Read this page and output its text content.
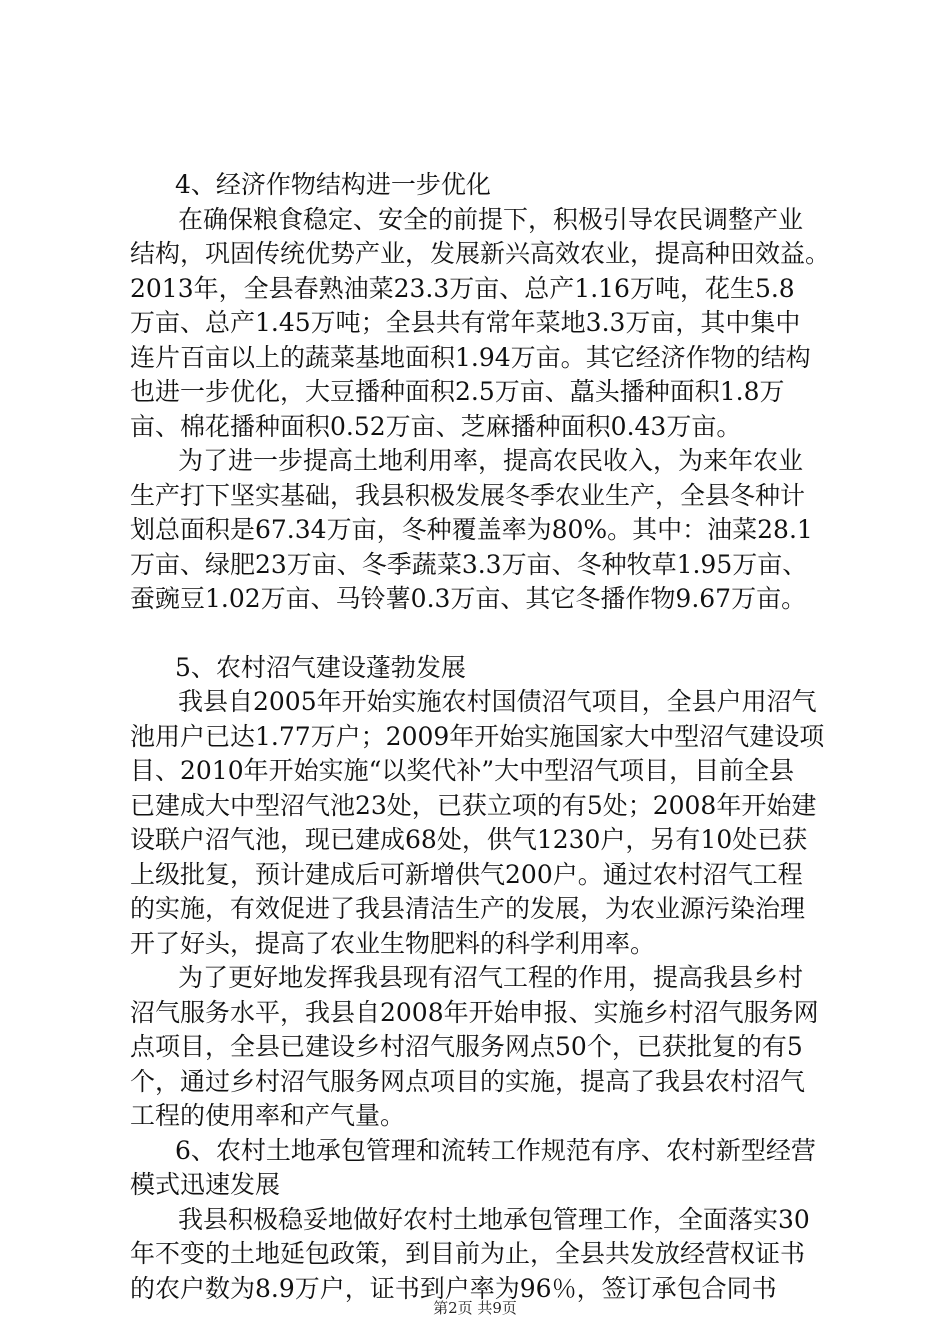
4、经济作物结构进一步优化
在确保粮食稳定、安全的前提下，积极引导农民调整产业
结构，巩固传统优势产业，发展新兴高效农业，提高种田效益。
2013年，全县春熟油菜23.3万亩、总产1.16万吨，花生5.8
万亩、总产1.45万吨；全县共有常年菜地3.3万亩，其中集中
连片百亩以上的蔬菜基地面积1.94万亩。其它经济作物的结构
也进一步优化，大豆播种面积2.5万亩、藠头播种面积1.8万
亩、棉花播种面积0.52万亩、芝麻播种面积0.43万亩。
为了进一步提高土地利用率，提高农民收入，为来年农业
生产打下坚实基础，我县积极发展冬季农业生产，全县冬种计
划总面积是67.34万亩，冬种覆盖率为80%。其中：油菜28.1
万亩、绿肥23万亩、冬季蔬菜3.3万亩、冬种牧草1.95万亩、
蚕豌豆1.02万亩、马铃薯0.3万亩、其它冬播作物9.67万亩。
5、农村沼气建设蓬勃发展
我县自2005年开始实施农村国债沼气项目，全县户用沼气
池用户已达1.77万户；2009年开始实施国家大中型沼气建设项
目、2010年开始实施“以奖代补”大中型沼气项目，目前全县
已建成大中型沼气池23处，已获立项的有5处；2008年开始建
设联户沼气池，现已建成68处，供气1230户，另有10处已获
上级批复，预计建成后可新增供气200户。通过农村沼气工程
的实施，有效促进了我县清洁生产的发展，为农业源污染治理
开了好头，提高了农业生物肥料的科学利用率。
为了更好地发挥我县现有沼气工程的作用，提高我县乡村
沼气服务水平，我县自2008年开始申报、实施乡村沼气服务网
点项目，全县已建设乡村沼气服务网点50个，已获批复的有5
个，通过乡村沼气服务网点项目的实施，提高了我县农村沼气
工程的使用率和产气量。
6、农村土地承包管理和流转工作规范有序、农村新型经营
模式迅速发展
我县积极稳妥地做好农村土地承包管理工作，全面落实30
年不变的土地延包政策，到目前为止，全县共发放经营权证书
的农户数为8.9万户，证书到户率为96％，签订承包合同书
第2页 共9页
